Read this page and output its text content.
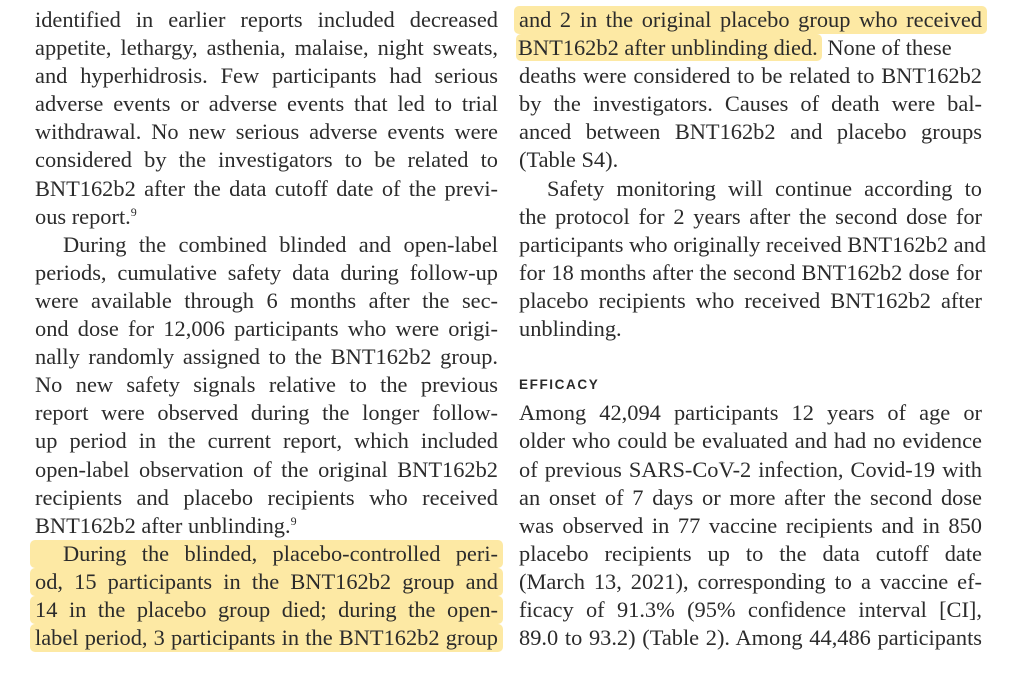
identified in earlier reports included decreased
appetite, lethargy, asthenia, malaise, night sweats,
and hyperhidrosis. Few participants had serious
adverse events or adverse events that led to trial
withdrawal. No new serious adverse events were
considered by the investigators to be related to
BNT162b2 after the data cutoff date of the previ-
ous report.$^9$
During the combined blinded and open-label
periods, cumulative safety data during follow-up
were available through 6 months after the sec-
ond dose for 12,006 participants who were origi-
nally randomly assigned to the BNT162b2 group.
No new safety signals relative to the previous
report were observed during the longer follow-
up period in the current report, which included
open-label observation of the original BNT162b2
recipients and placebo recipients who received
BNT162b2 after unblinding.$^9$
During the blinded, placebo-controlled peri-
od, 15 participants in the BNT162b2 group and
14 in the placebo group died; during the open-
label period, 3 participants in the BNT162b2 group
and 2 in the original placebo group who received
BNT162b2 after unblinding died. None of these
deaths were considered to be related to BNT162b2
by the investigators. Causes of death were bal-
anced between BNT162b2 and placebo groups
(Table S4).
Safety monitoring will continue according to
the protocol for 2 years after the second dose for
participants who originally received BNT162b2 and
for 18 months after the second BNT162b2 dose for
placebo recipients who received BNT162b2 after
unblinding.
EFFICACY
Among 42,094 participants 12 years of age or
older who could be evaluated and had no evidence
of previous SARS-CoV-2 infection, Covid-19 with
an onset of 7 days or more after the second dose
was observed in 77 vaccine recipients and in 850
placebo recipients up to the data cutoff date
(March 13, 2021), corresponding to a vaccine ef-
ficacy of 91.3% (95% confidence interval [CI],
89.0 to 93.2) (Table 2). Among 44,486 participants
